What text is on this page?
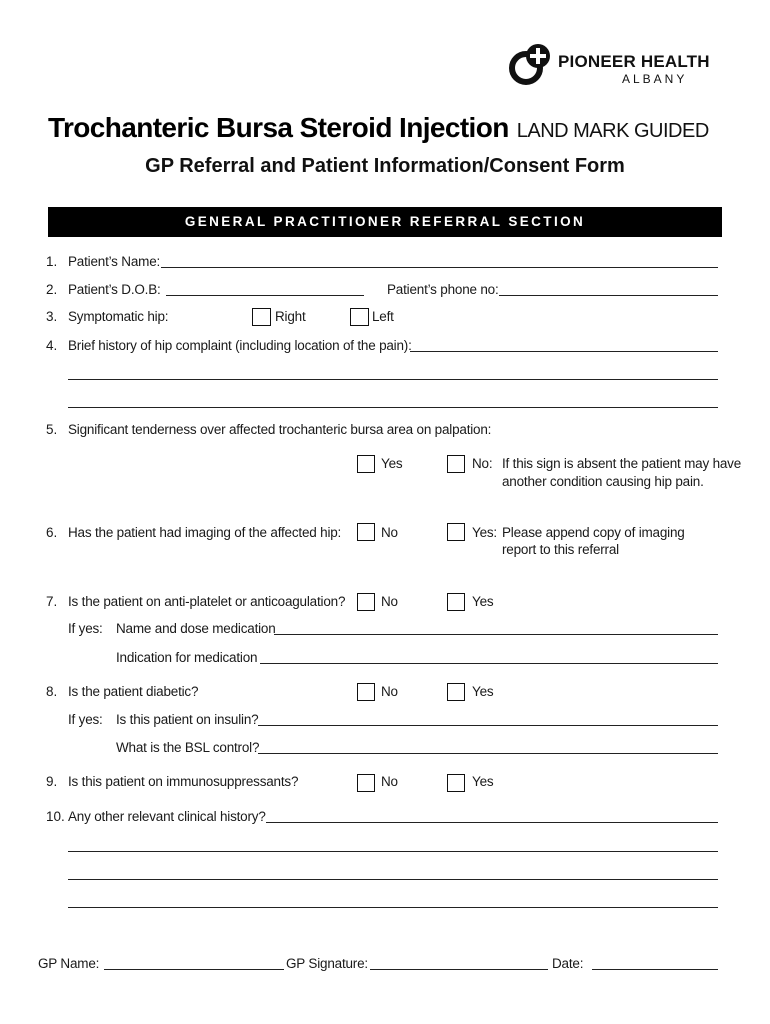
PIONEER HEALTH
ALBANY
Trochanteric Bursa Steroid Injection LAND MARK GUIDED
GP Referral and Patient Information/Consent Form
GENERAL PRACTITIONER REFERRAL SECTION
1. Patient’s Name:
2. Patient’s D.O.B:	Patient’s phone no:
3. Symptomatic hip:	Right	Left
4. Brief history of hip complaint (including location of the pain):
5. Significant tenderness over affected trochanteric bursa area on palpation:
Yes	No: If this sign is absent the patient may have
another condition causing hip pain.
6. Has the patient had imaging of the affected hip:	No	Yes: Please append copy of imaging
report to this referral
7. Is the patient on anti-platelet or anticoagulation?	No	Yes
If yes: Name and dose medication
Indication for medication
8. Is the patient diabetic?	No	Yes
If yes: Is this patient on insulin?
What is the BSL control?
9. Is this patient on immunosuppressants?	No	Yes
10. Any other relevant clinical history?
GP Name:	GP Signature:	Date:
